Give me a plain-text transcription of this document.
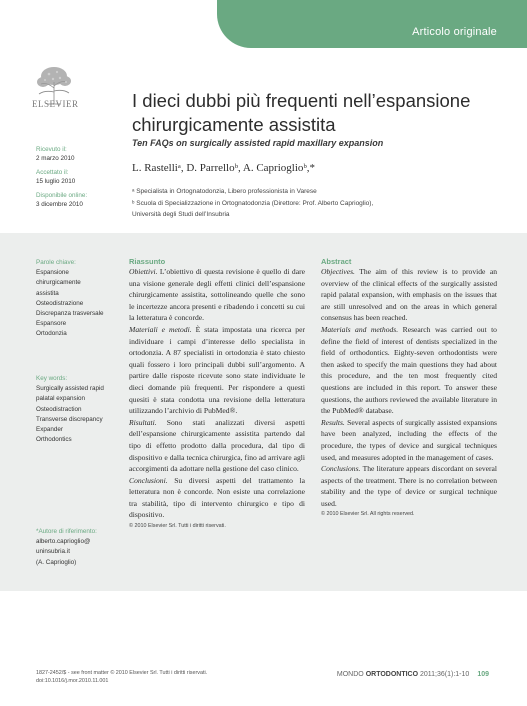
Articolo originale
ELSEVIER	I dieci dubbi più frequenti nell’espansione chirurgicamente assistita
Ten FAQs on surgically assisted rapid maxillary expansion
L. Rastelliᵃ, D. Parrelloᵇ, A. Caprioglioᵇ,*
ᵃ Specialista in Ortognatodonzia, Libero professionista in Varese
ᵇ Scuola di Specializzazione in Ortognatodonzia (Direttore: Prof. Alberto Caprioglio),
Università degli Studi dell’Insubria
Ricevuto il:
2 marzo 2010
Accettato il:
15 luglio 2010
Disponibile online:
3 dicembre 2010
Parole chiave:
Espansione
chirurgicamente
assistita
Osteodistrazione
Discrepanza trasversale
Espansore
Ortodonzia
Key words:
Surgically assisted rapid
palatal expansion
Osteodistraction
Transverse discrepancy
Expander
Orthodontics
*Autore di riferimento:
alberto.caprioglio@
uninsubria.it
(A. Caprioglio)
Riassunto

Obiettivi. L’obiettivo di questa revisione è quello di dare una visione generale degli effetti clinici dell’espansione chirurgicamente assistita, sottolineando quelle che sono le incertezze ancora presenti e ribadendo i concetti su cui la letteratura è concorde.

Materiali e metodi. È stata impostata una ricerca per individuare i campi d’interesse dello specialista in ortodonzia. A 87 specialisti in ortodonzia è stato chiesto quali fossero i loro principali dubbi sull’argomento. A partire dalle risposte ricevute sono state individuate le dieci domande più frequenti. Per rispondere a questi quesiti è stata condotta una revisione della letteratura utilizzando l’archivio di PubMed®.

Risultati. Sono stati analizzati diversi aspetti dell’espansione chirurgicamente assistita partendo dal tipo di effetto prodotto dalla procedura, dal tipo di dispositivo e dalla tecnica chirurgica, fino ad arrivare agli accorgimenti da adottare nella gestione del caso clinico.

Conclusioni. Su diversi aspetti del trattamento la letteratura non è concorde. Non esiste una correlazione tra stabilità, tipo di intervento chirurgico e tipo di dispositivo.

© 2010 Elsevier Srl. Tutti i diritti riservati.

Abstract

Objectives. The aim of this review is to provide an overview of the clinical effects of the surgically assisted rapid palatal expansion, with emphasis on the issues that are still unresolved and on the areas in which general consensus has been reached.

Materials and methods. Research was carried out to define the field of interest of dentists specialized in the field of orthodontics. Eighty-seven orthodontists were then asked to specify the main questions they had about this procedure, and the ten most frequently cited questions are included in this report. To answer these questions, the authors reviewed the available literature in the PubMed® database.

Results. Several aspects of surgically assisted expansions have been analyzed, including the effects of the procedure, the types of device and surgical techniques used, and measures adopted in the management of cases.

Conclusions. The literature appears discordant on several aspects of the treatment. There is no correlation between stability and the type of device or surgical technique used.

© 2010 Elsevier Srl. All rights reserved.

1827-2452/$ - see front matter © 2010 Elsevier Srl. Tutti i diritti riservati.
doi:10.1016/j.mor.2010.11.001
MONDO ORTODONTICO 2011;36(1):1-10 109
